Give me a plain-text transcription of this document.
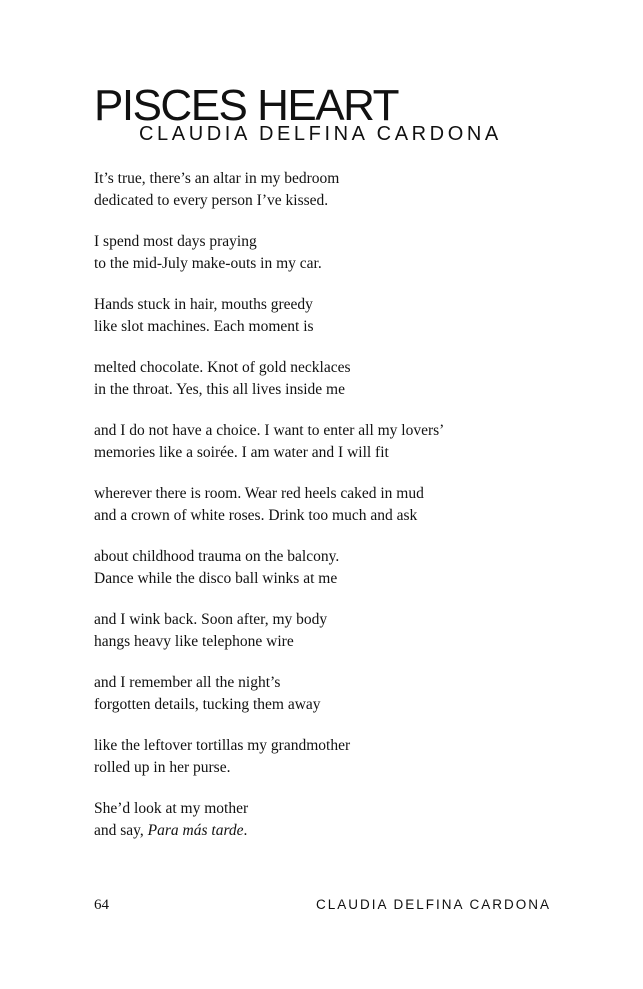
PISCES HEART
CLAUDIA DELFINA CARDONA

It’s true, there’s an altar in my bedroom
dedicated to every person I’ve kissed.

I spend most days praying
to the mid-July make-outs in my car.

Hands stuck in hair, mouths greedy
like slot machines. Each moment is

melted chocolate. Knot of gold necklaces
in the throat. Yes, this all lives inside me

and I do not have a choice. I want to enter all my lovers’
memories like a soirée. I am water and I will fit

wherever there is room. Wear red heels caked in mud
and a crown of white roses. Drink too much and ask

about childhood trauma on the balcony.
Dance while the disco ball winks at me

and I wink back. Soon after, my body
hangs heavy like telephone wire

and I remember all the night’s
forgotten details, tucking them away

like the leftover tortillas my grandmother
rolled up in her purse.

She’d look at my mother
and say, Para más tarde.

64	CLAUDIA DELFINA CARDONA
